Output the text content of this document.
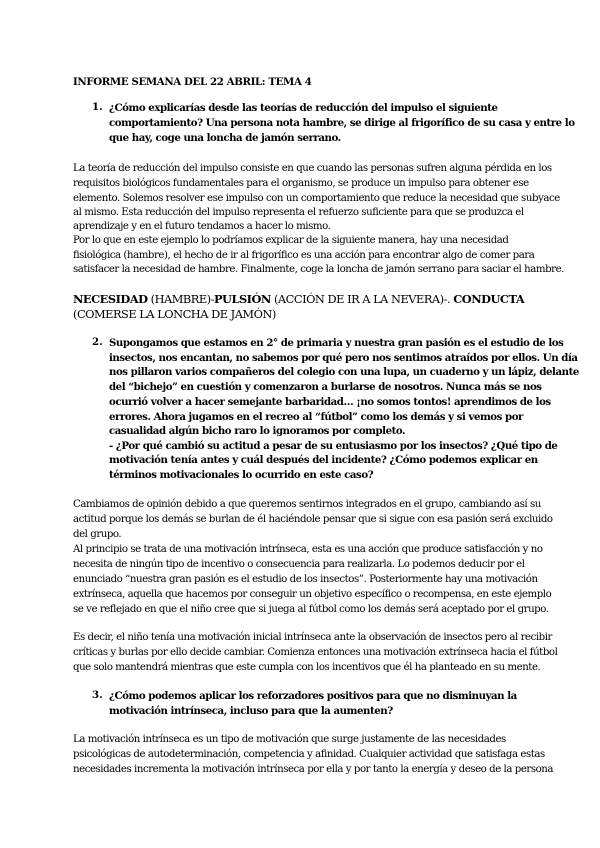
INFORME SEMANA DEL 22 ABRIL: TEMA 4
1. ¿Cómo explicarías desde las teorías de reducción del impulso el siguiente
comportamiento? Una persona nota hambre, se dirige al frigorífico de su casa y entre lo
que hay, coge una loncha de jamón serrano.
La teoría de reducción del impulso consiste en que cuando las personas sufren alguna pérdida en los
requisitos biológicos fundamentales para el organismo, se produce un impulso para obtener ese
elemento. Solemos resolver ese impulso con un comportamiento que reduce la necesidad que subyace
al mismo. Esta reducción del impulso representa el refuerzo suficiente para que se produzca el
aprendizaje y en el futuro tendamos a hacer lo mismo.
Por lo que en este ejemplo lo podríamos explicar de la siguiente manera, hay una necesidad
fisiológica (hambre), el hecho de ir al frigorífico es una acción para encontrar algo de comer para
satisfacer la necesidad de hambre. Finalmente, coge la loncha de jamón serrano para saciar el hambre.
NECESIDAD (HAMBRE)-PULSIÓN (ACCIÓN DE IR A LA NEVERA)-. CONDUCTA
(COMERSE LA LONCHA DE JAMÓN)
2. Supongamos que estamos en 2° de primaria y nuestra gran pasión es el estudio de los
insectos, nos encantan, no sabemos por qué pero nos sentimos atraídos por ellos. Un día
nos pillaron varios compañeros del colegio con una lupa, un cuaderno y un lápiz, delante
del “bichejo” en cuestión y comenzaron a burlarse de nosotros. Nunca más se nos
ocurrió volver a hacer semejante barbaridad… ¡no somos tontos! aprendimos de los
errores. Ahora jugamos en el recreo al “fútbol” como los demás y si vemos por
casualidad algún bicho raro lo ignoramos por completo.
- ¿Por qué cambió su actitud a pesar de su entusiasmo por los insectos? ¿Qué tipo de
motivación tenía antes y cuál después del incidente? ¿Cómo podemos explicar en
términos motivacionales lo ocurrido en este caso?
Cambiamos de opinión debido a que queremos sentirnos integrados en el grupo, cambiando así su
actitud porque los demás se burlan de él haciéndole pensar que si sigue con esa pasión será excluido
del grupo.
Al principio se trata de una motivación intrínseca, esta es una acción que produce satisfacción y no
necesita de ningún tipo de incentivo o consecuencia para realizarla. Lo podemos deducir por el
enunciado “nuestra gran pasión es el estudio de los insectos”. Posteriormente hay una motivación
extrínseca, aquella que hacemos por conseguir un objetivo específico o recompensa, en este ejemplo
se ve reflejado en que el niño cree que si juega al fútbol como los demás será aceptado por el grupo.
Es decir, el niño tenía una motivación inicial intrínseca ante la observación de insectos pero al recibir
críticas y burlas por ello decide cambiar. Comienza entonces una motivación extrínseca hacia el fútbol
que solo mantendrá mientras que este cumpla con los incentivos que él ha planteado en su mente.
3. ¿Cómo podemos aplicar los reforzadores positivos para que no disminuyan la
motivación intrínseca, incluso para que la aumenten?
La motivación intrínseca es un tipo de motivación que surge justamente de las necesidades
psicológicas de autodeterminación, competencia y afinidad. Cualquier actividad que satisfaga estas
necesidades incrementa la motivación intrínseca por ella y por tanto la energía y deseo de la persona
